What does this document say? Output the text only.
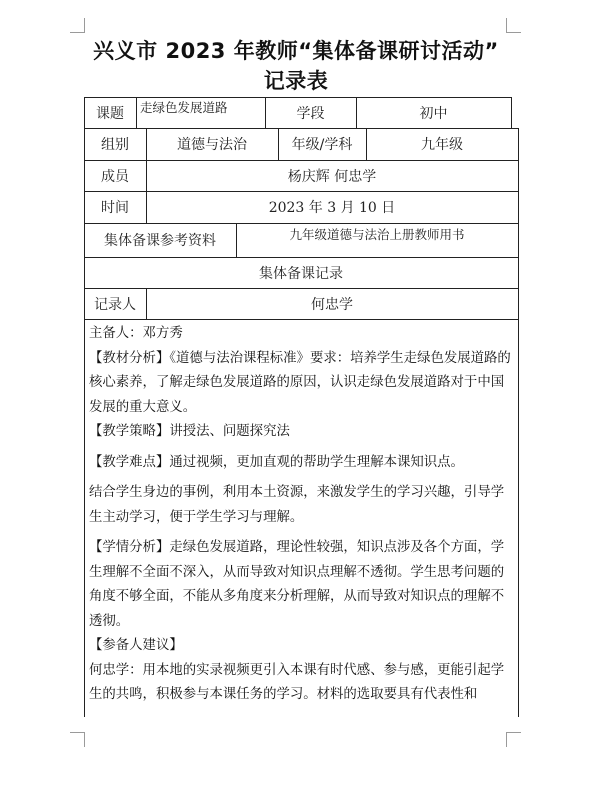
兴义市 2023 年教师“集体备课研讨活动”
记录表
课题	走绿色发展道路	学段	初中
组别	道德与法治	年级/学科	九年级
成员	杨庆辉 何忠学
时间	2023 年 3 月 10 日
集体备课参考资料	九年级道德与法治上册教师用书
集体备课记录
记录人	何忠学

主备人：邓方秀

【教材分析】《道德与法治课程标准》要求：培养学生走绿色发展道路的核心素养，了解走绿色发展道路的原因，认识走绿色发展道路对于中国发展的重大意义。

【教学策略】讲授法、问题探究法

【教学难点】通过视频，更加直观的帮助学生理解本课知识点。

结合学生身边的事例，利用本土资源，来激发学生的学习兴趣，引导学生主动学习，便于学生学习与理解。

【学情分析】走绿色发展道路，理论性较强，知识点涉及各个方面，学生理解不全面不深入，从而导致对知识点理解不透彻。学生思考问题的角度不够全面，不能从多角度来分析理解，从而导致对知识点的理解不透彻。

【参备人建议】

何忠学：用本地的实录视频更引入本课有时代感、参与感，更能引起学生的共鸣，积极参与本课任务的学习。材料的选取要具有代表性和
